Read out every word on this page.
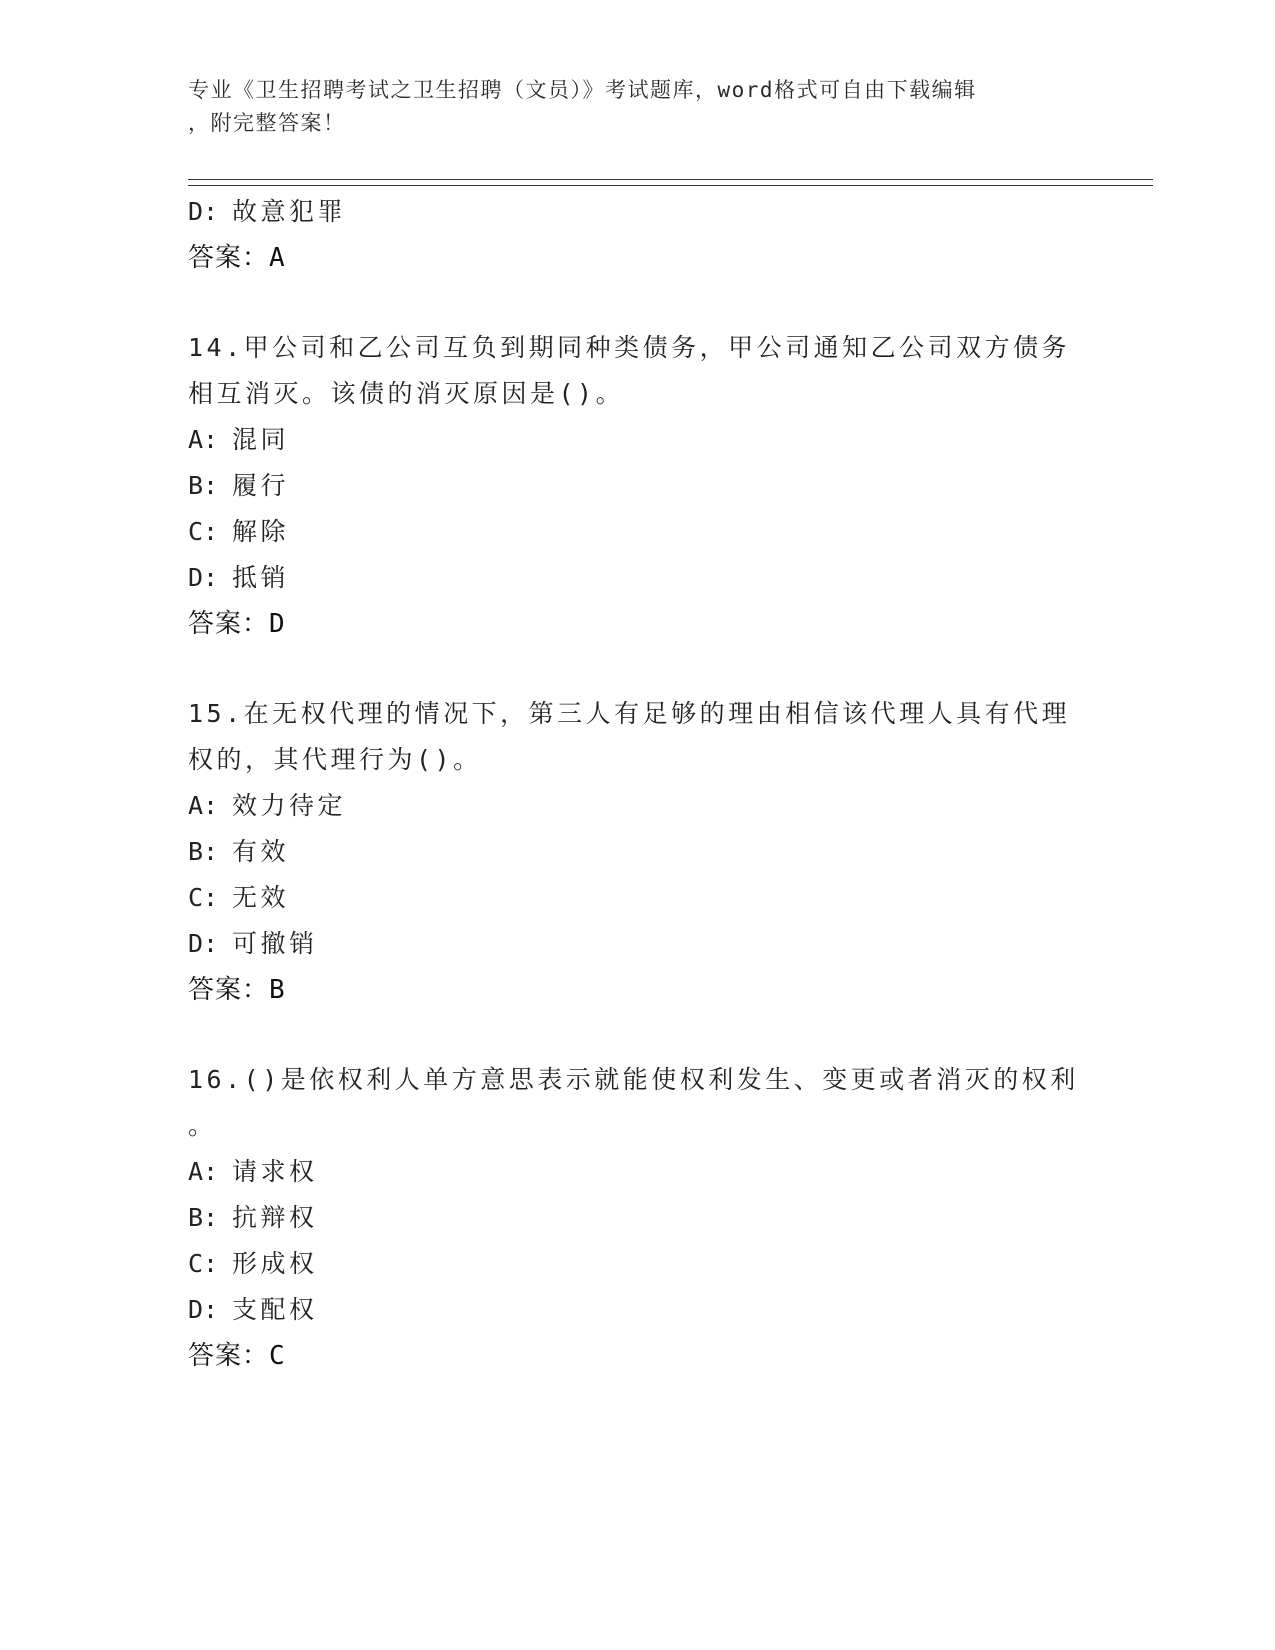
专业《卫生招聘考试之卫生招聘（文员）》考试题库，word格式可自由下载编辑
，附完整答案！
D: 故意犯罪
答案：A
14.甲公司和乙公司互负到期同种类债务，甲公司通知乙公司双方债务
相互消灭。该债的消灭原因是()。
A: 混同
B: 履行
C: 解除
D: 抵销
答案：D
15.在无权代理的情况下，第三人有足够的理由相信该代理人具有代理
权的，其代理行为()。
A: 效力待定
B: 有效
C: 无效
D: 可撤销
答案：B
16.()是依权利人单方意思表示就能使权利发生、变更或者消灭的权利
。
A: 请求权
B: 抗辩权
C: 形成权
D: 支配权
答案：C
